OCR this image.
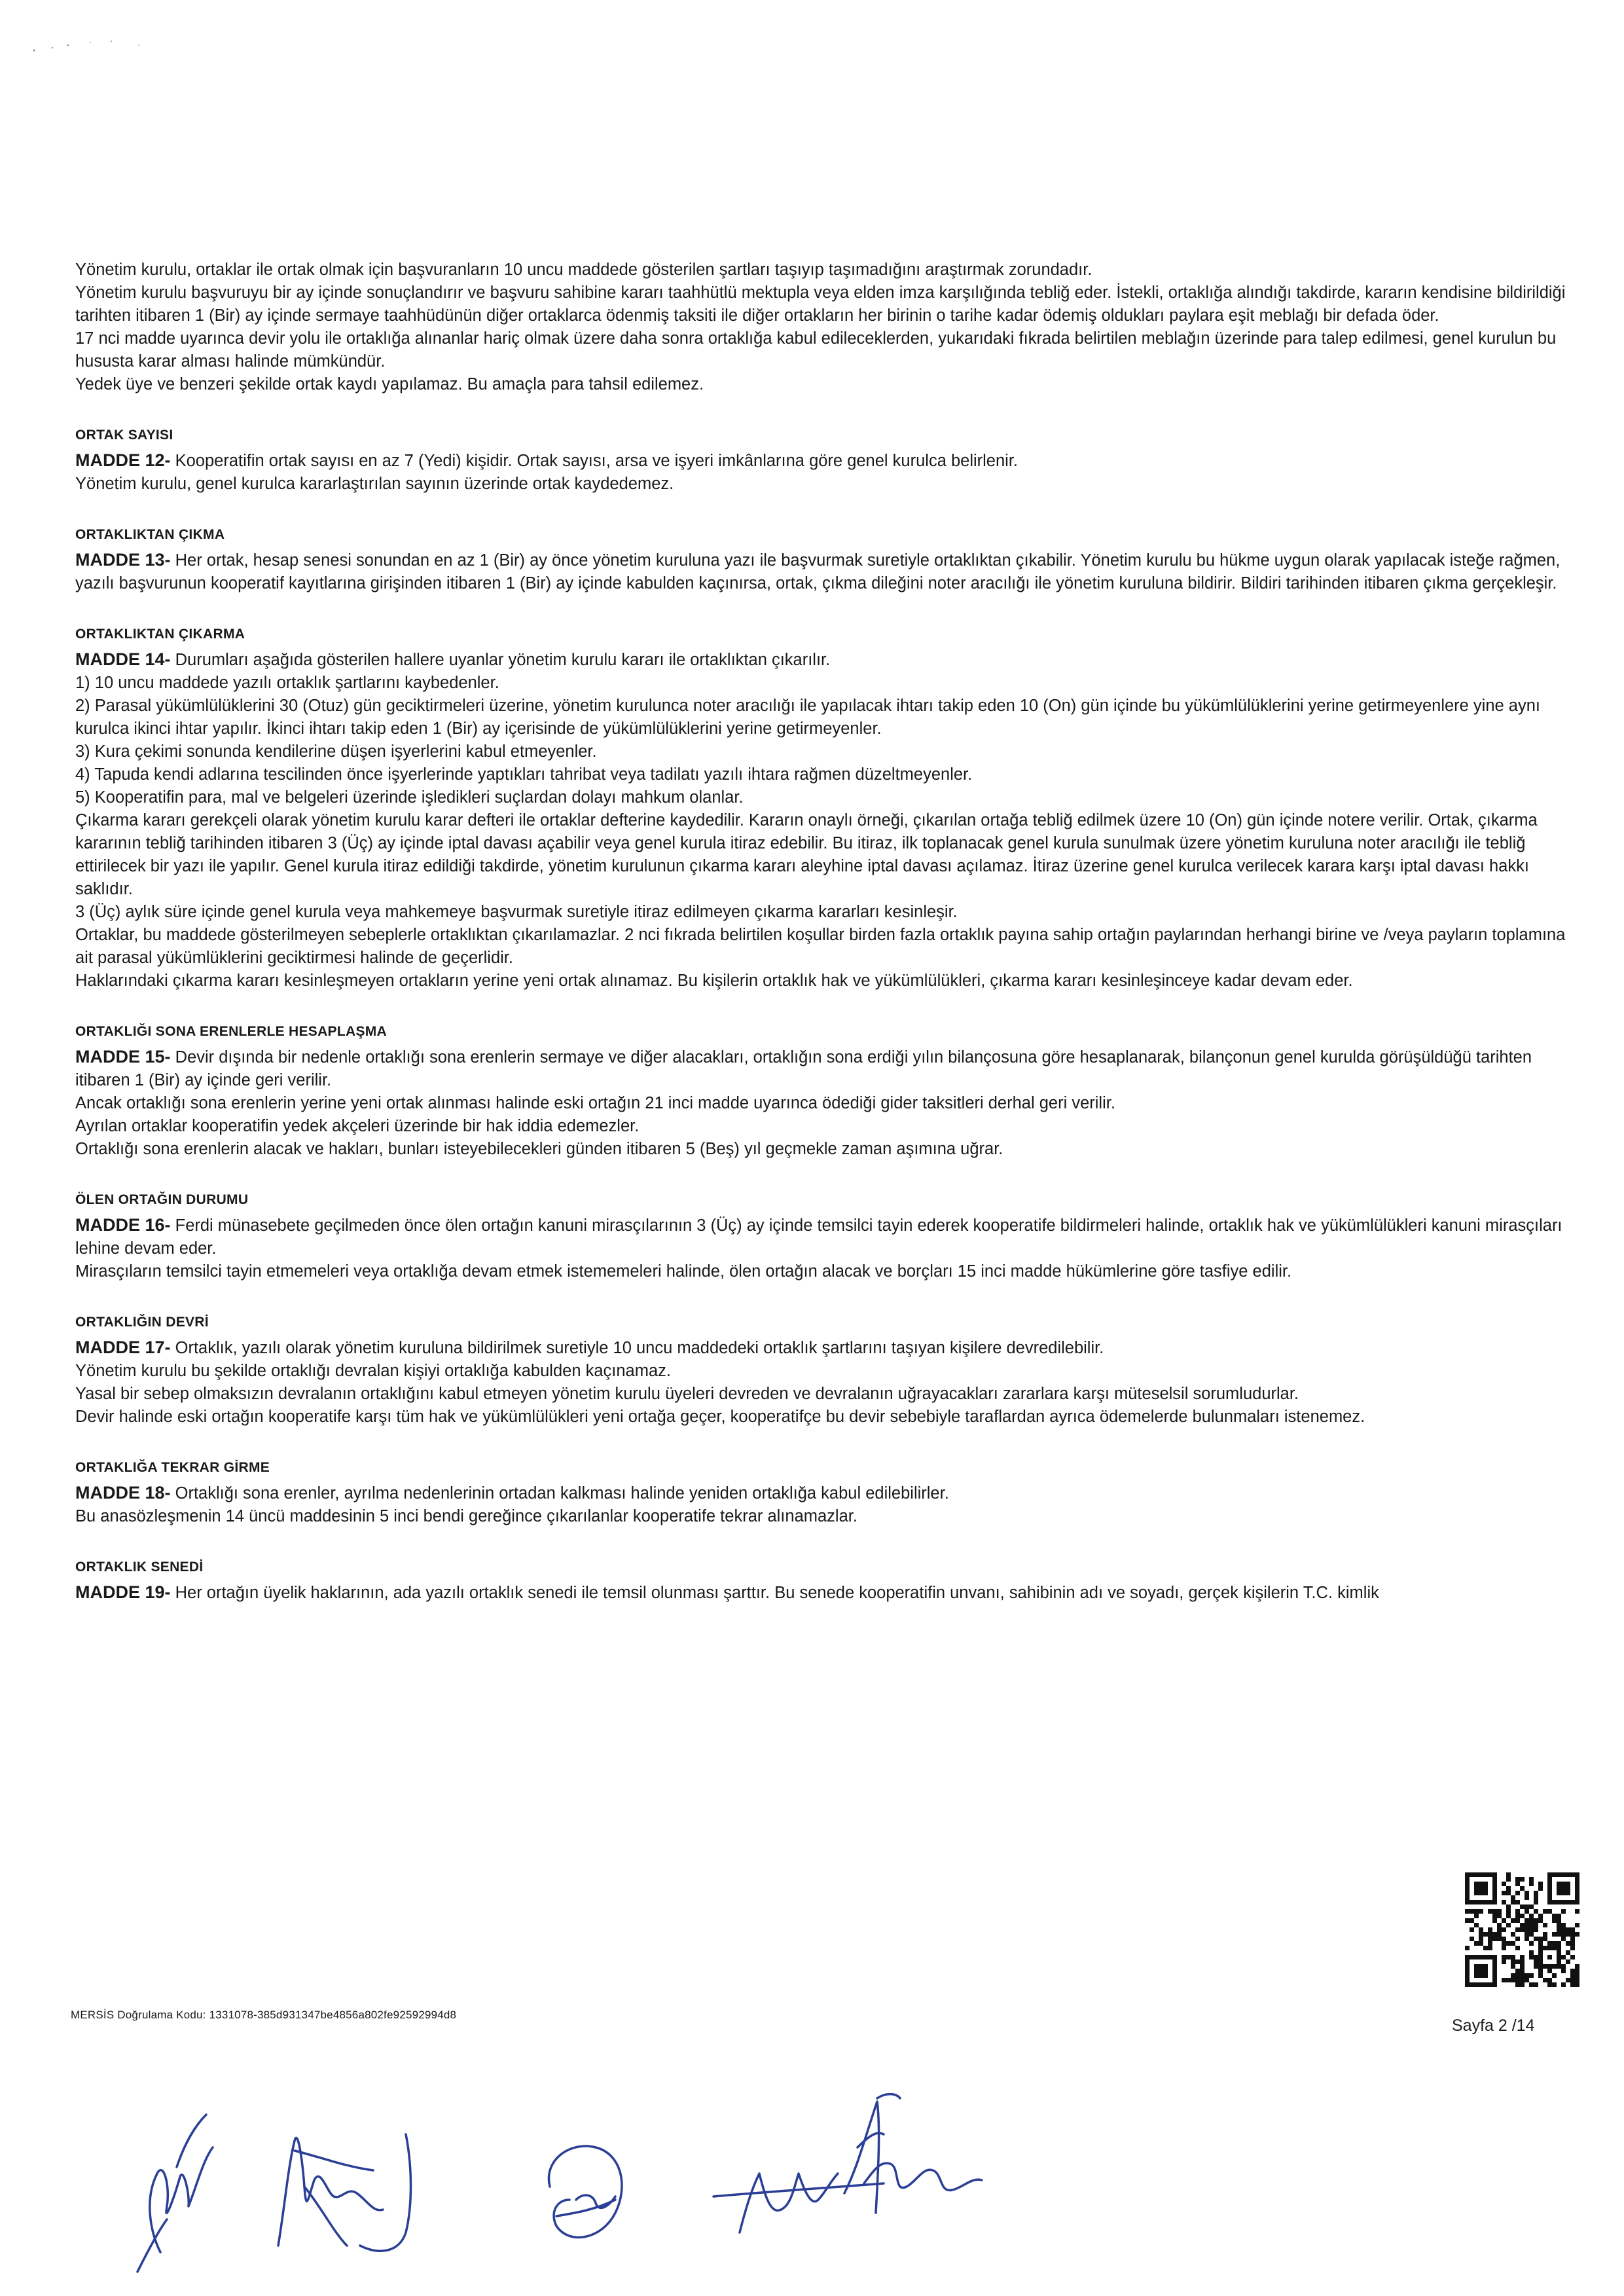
Yönetim kurulu, ortaklar ile ortak olmak için başvuranların 10 uncu maddede gösterilen şartları taşıyıp taşımadığını araştırmak zorundadır.

Yönetim kurulu başvuruyu bir ay içinde sonuçlandırır ve başvuru sahibine kararı taahhütlü mektupla veya elden imza karşılığında tebliğ eder. İstekli, ortaklığa alındığı takdirde, kararın kendisine bildirildiği tarihten itibaren 1 (Bir) ay içinde sermaye taahhüdünün diğer ortaklarca ödenmiş taksiti ile diğer ortakların her birinin o tarihe kadar ödemiş oldukları paylara eşit meblağı bir defada öder.

17 nci madde uyarınca devir yolu ile ortaklığa alınanlar hariç olmak üzere daha sonra ortaklığa kabul edileceklerden, yukarıdaki fıkrada belirtilen meblağın üzerinde para talep edilmesi, genel kurulun bu hususta karar alması halinde mümkündür.

Yedek üye ve benzeri şekilde ortak kaydı yapılamaz. Bu amaçla para tahsil edilemez.

ORTAK SAYISI

MADDE 12- Kooperatifin ortak sayısı en az 7 (Yedi) kişidir. Ortak sayısı, arsa ve işyeri imkânlarına göre genel kurulca belirlenir.

Yönetim kurulu, genel kurulca kararlaştırılan sayının üzerinde ortak kaydedemez.

ORTAKLIKTAN ÇIKMA

MADDE 13- Her ortak, hesap senesi sonundan en az 1 (Bir) ay önce yönetim kuruluna yazı ile başvurmak suretiyle ortaklıktan çıkabilir. Yönetim kurulu bu hükme uygun olarak yapılacak isteğe rağmen, yazılı başvurunun kooperatif kayıtlarına girişinden itibaren 1 (Bir) ay içinde kabulden kaçınırsa, ortak, çıkma dileğini noter aracılığı ile yönetim kuruluna bildirir. Bildiri tarihinden itibaren çıkma gerçekleşir.

ORTAKLIKTAN ÇIKARMA

MADDE 14- Durumları aşağıda gösterilen hallere uyanlar yönetim kurulu kararı ile ortaklıktan çıkarılır.

1) 10 uncu maddede yazılı ortaklık şartlarını kaybedenler.

2) Parasal yükümlülüklerini 30 (Otuz) gün geciktirmeleri üzerine, yönetim kurulunca noter aracılığı ile yapılacak ihtarı takip eden 10 (On) gün içinde bu yükümlülüklerini yerine getirmeyenlere yine aynı kurulca ikinci ihtar yapılır. İkinci ihtarı takip eden 1 (Bir) ay içerisinde de yükümlülüklerini yerine getirmeyenler.

3) Kura çekimi sonunda kendilerine düşen işyerlerini kabul etmeyenler.

4) Tapuda kendi adlarına tescilinden önce işyerlerinde yaptıkları tahribat veya tadilatı yazılı ihtara rağmen düzeltmeyenler.

5) Kooperatifin para, mal ve belgeleri üzerinde işledikleri suçlardan dolayı mahkum olanlar.

Çıkarma kararı gerekçeli olarak yönetim kurulu karar defteri ile ortaklar defterine kaydedilir. Kararın onaylı örneği, çıkarılan ortağa tebliğ edilmek üzere 10 (On) gün içinde notere verilir. Ortak, çıkarma kararının tebliğ tarihinden itibaren 3 (Üç) ay içinde iptal davası açabilir veya genel kurula itiraz edebilir. Bu itiraz, ilk toplanacak genel kurula sunulmak üzere yönetim kuruluna noter aracılığı ile tebliğ ettirilecek bir yazı ile yapılır. Genel kurula itiraz edildiği takdirde, yönetim kurulunun çıkarma kararı aleyhine iptal davası açılamaz. İtiraz üzerine genel kurulca verilecek karara karşı iptal davası hakkı saklıdır.

3 (Üç) aylık süre içinde genel kurula veya mahkemeye başvurmak suretiyle itiraz edilmeyen çıkarma kararları kesinleşir.

Ortaklar, bu maddede gösterilmeyen sebeplerle ortaklıktan çıkarılamazlar. 2 nci fıkrada belirtilen koşullar birden fazla ortaklık payına sahip ortağın paylarından herhangi birine ve /veya payların toplamına ait parasal yükümlüklerini geciktirmesi halinde de geçerlidir.

Haklarındaki çıkarma kararı kesinleşmeyen ortakların yerine yeni ortak alınamaz. Bu kişilerin ortaklık hak ve yükümlülükleri, çıkarma kararı kesinleşinceye kadar devam eder.

ORTAKLIĞI SONA ERENLERLE HESAPLAŞMA

MADDE 15- Devir dışında bir nedenle ortaklığı sona erenlerin sermaye ve diğer alacakları, ortaklığın sona erdiği yılın bilançosuna göre hesaplanarak, bilançonun genel kurulda görüşüldüğü tarihten itibaren 1 (Bir) ay içinde geri verilir.

Ancak ortaklığı sona erenlerin yerine yeni ortak alınması halinde eski ortağın 21 inci madde uyarınca ödediği gider taksitleri derhal geri verilir.

Ayrılan ortaklar kooperatifin yedek akçeleri üzerinde bir hak iddia edemezler.

Ortaklığı sona erenlerin alacak ve hakları, bunları isteyebilecekleri günden itibaren 5 (Beş) yıl geçmekle zaman aşımına uğrar.

ÖLEN ORTAĞIN DURUMU

MADDE 16- Ferdi münasebete geçilmeden önce ölen ortağın kanuni mirasçılarının 3 (Üç) ay içinde temsilci tayin ederek kooperatife bildirmeleri halinde, ortaklık hak ve yükümlülükleri kanuni mirasçıları lehine devam eder.

Mirasçıların temsilci tayin etmemeleri veya ortaklığa devam etmek istememeleri halinde, ölen ortağın alacak ve borçları 15 inci madde hükümlerine göre tasfiye edilir.

ORTAKLIĞIN DEVRİ

MADDE 17- Ortaklık, yazılı olarak yönetim kuruluna bildirilmek suretiyle 10 uncu maddedeki ortaklık şartlarını taşıyan kişilere devredilebilir.

Yönetim kurulu bu şekilde ortaklığı devralan kişiyi ortaklığa kabulden kaçınamaz.

Yasal bir sebep olmaksızın devralanın ortaklığını kabul etmeyen yönetim kurulu üyeleri devreden ve devralanın uğrayacakları zararlara karşı müteselsil sorumludurlar.

Devir halinde eski ortağın kooperatife karşı tüm hak ve yükümlülükleri yeni ortağa geçer, kooperatifçe bu devir sebebiyle taraflardan ayrıca ödemelerde bulunmaları istenemez.

ORTAKLIĞA TEKRAR GİRME

MADDE 18- Ortaklığı sona erenler, ayrılma nedenlerinin ortadan kalkması halinde yeniden ortaklığa kabul edilebilirler.

Bu anasözleşmenin 14 üncü maddesinin 5 inci bendi gereğince çıkarılanlar kooperatife tekrar alınamazlar.

ORTAKLIK SENEDİ

MADDE 19- Her ortağın üyelik haklarının, ada yazılı ortaklık senedi ile temsil olunması şarttır. Bu senede kooperatifin unvanı, sahibinin adı ve soyadı, gerçek kişilerin T.C. kimlik

MERSİS Doğrulama Kodu: 1331078-385d931347be4856a802fe92592994d8
Sayfa 2 /14
